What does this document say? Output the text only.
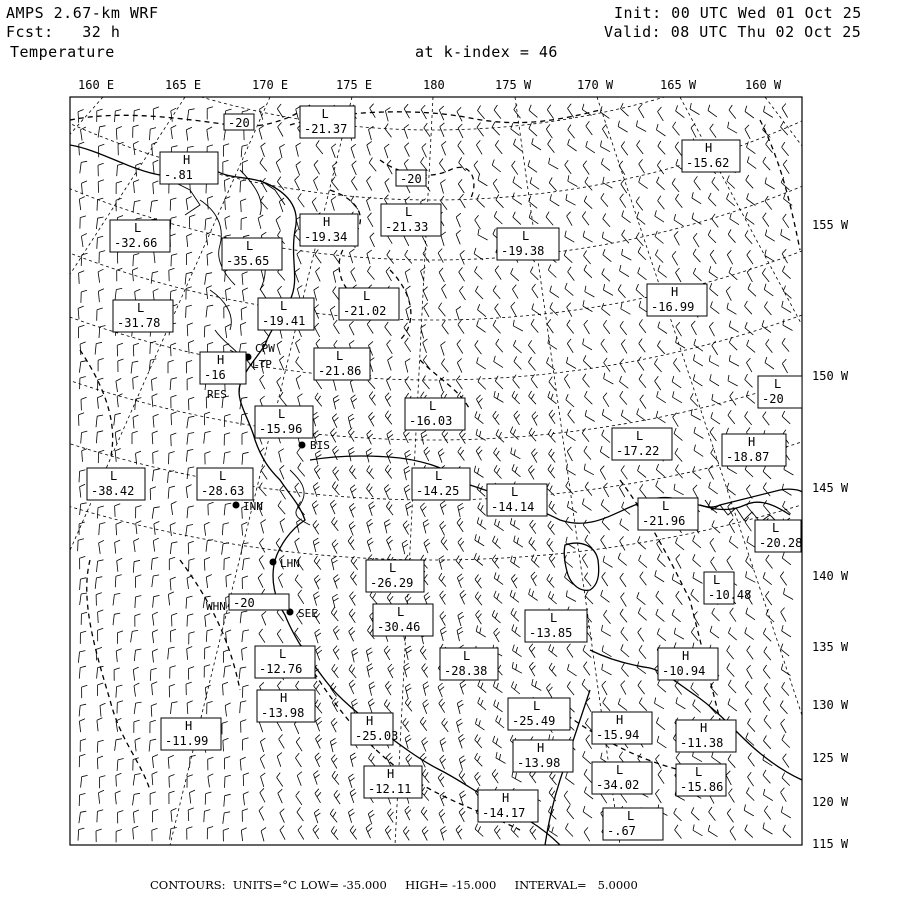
AMPS 2.67-km WRF
Fcst: 32 h
Temperature
Init: 00 UTC Wed 01 Oct 25
Valid: 08 UTC Thu 02 Oct 25
at k-index = 46
160 E	165 E	170 E	175 E	180	175 W	170 W	165 W	160 W
155 W
150 W
145 W
140 W
135 W
130 W
125 W
120 W
115 W
CPW
LTP
RES
BIS
INN
LHN
WHN
SEE
L
-21.37
-20
H
-15.62
H
-.81	-20
L
-21.33
L
-32.66
H
-19.34
L
-35.65
L
-19.38
L
-31.78
L
-19.41
L
-21.02
H
-16.99
H
-16
L
-21.86
L
-20
L
-15.96
L
-16.03
L
-17.22
H
-18.87
L
-38.42
L
-28.63
L
-14.25	L
-14.14	L
-21.96	L
-20.28
L
-26.29	L
-10.48
-20
L
-30.46
L
-13.85
L
-12.76
L
-28.38
H
-10.94
H
-13.98	L
-25.49
H
-11.99
H
-25.03
H
-15.94	H
-11.38
H
-13.98
H
-12.11
L
-34.02
L
-15.86
H
-14.17	L
-.67
CONTOURS: UNITS=°C LOW= -35.000 HIGH= -15.000 INTERVAL=   5.0000
